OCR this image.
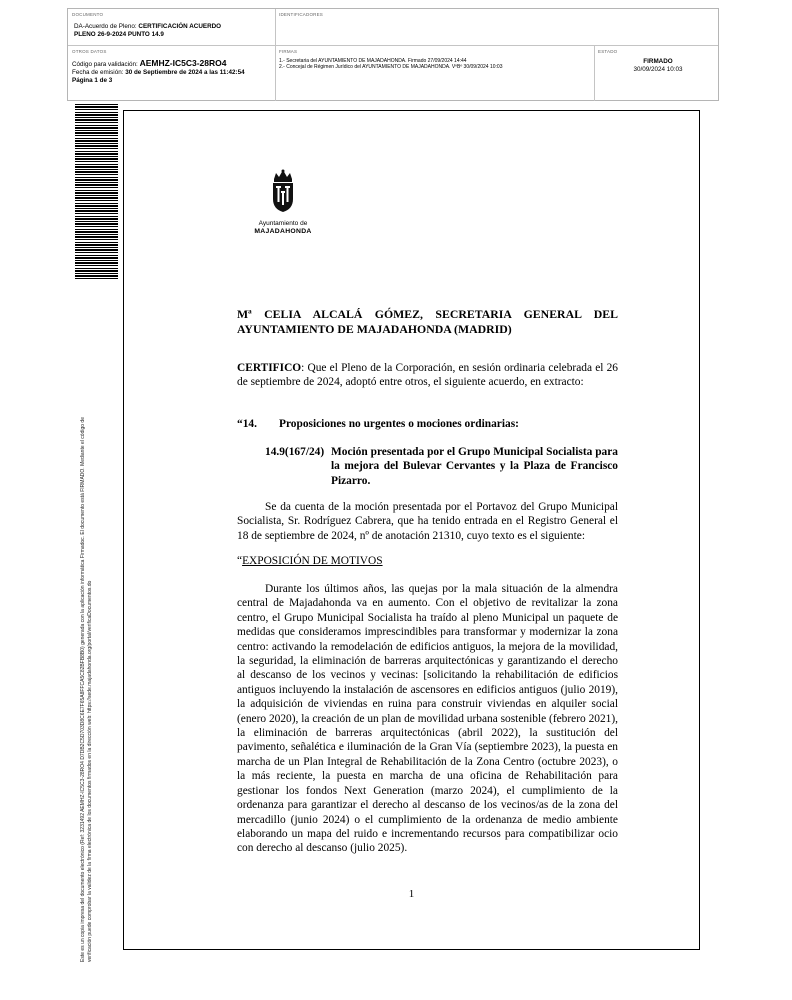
DOCUMENTO
DA-Acuerdo de Pleno: CERTIFICACIÓN ACUERDO
PLENO 26-9-2024 PUNTO 14.9
IDENTIFICADORES
OTROS DATOS
Código para validación: AEMHZ-IC5C3-28RO4
Fecha de emisión: 30 de Septiembre de 2024 a las 11:42:54
Página 1 de 3
FIRMAS
1.- Secretaria del AYUNTAMIENTO DE MAJADAHONDA. Firmado 27/09/2024 14:44
2.- Concejal de Régimen Jurídico del AYUNTAMIENTO DE MAJADAHONDA. VºBº 30/09/2024 10:03
ESTADO
FIRMADO
30/09/2024 10:03
Este es un copia impresa del documento electrónico (Ref: 3231492 AEMHZ-IC5C3-28RO4 D7DB2C5D703D8C6E7F65A8FFCA5C82BFB8B0) generada con la aplicación informática Firmadoc. El documento está FIRMADO. Mediante el código de verificación puede comprobar la validez de la firma electrónica de los documentos firmados en la dirección web: https://sede.majadahonda.org/portal/verificaDocumentos.do
Ayuntamiento de
MAJADAHONDA
Mª CELIA ALCALÁ GÓMEZ, SECRETARIA GENERAL DEL
AYUNTAMIENTO DE MAJADAHONDA (MADRID)
CERTIFICO: Que el Pleno de la Corporación, en sesión ordinaria celebrada el 26 de septiembre de 2024, adoptó entre otros, el siguiente acuerdo, en extracto:
“14. Proposiciones no urgentes o mociones ordinarias:
14.9(167/24) Moción presentada por el Grupo Municipal Socialista para
la mejora del Bulevar Cervantes y la Plaza de Francisco
Pizarro.
Se da cuenta de la moción presentada por el Portavoz del Grupo Municipal Socialista, Sr. Rodríguez Cabrera, que ha tenido entrada en el Registro General el 18 de septiembre de 2024, nº de anotación 21310, cuyo texto es el siguiente:
“EXPOSICIÓN DE MOTIVOS
Durante los últimos años, las quejas por la mala situación de la almendra central de Majadahonda va en aumento. Con el objetivo de revitalizar la zona centro, el Grupo Municipal Socialista ha traído al pleno Municipal un paquete de medidas que consideramos imprescindibles para transformar y modernizar la zona centro: activando la remodelación de edificios antiguos, la mejora de la movilidad, la seguridad, la eliminación de barreras arquitectónicas y garantizando el derecho al descanso de los vecinos y vecinas: [solicitando la rehabilitación de edificios antiguos incluyendo la instalación de ascensores en edificios antiguos (julio 2019), la adquisición de viviendas en ruina para construir viviendas en alquiler social (enero 2020), la creación de un plan de movilidad urbana sostenible (febrero 2021), la eliminación de barreras arquitectónicas (abril 2022), la sustitución del pavimento, señalética e iluminación de la Gran Vía (septiembre 2023), la puesta en marcha de un Plan Integral de Rehabilitación de la Zona Centro (octubre 2023), o la más reciente, la puesta en marcha de una oficina de Rehabilitación para gestionar los fondos Next Generation (marzo 2024), el cumplimiento de la ordenanza para garantizar el derecho al descanso de los vecinos/as de la zona del mercadillo (junio 2024) o el cumplimiento de la ordenanza de medio ambiente elaborando un mapa del ruido e incrementando recursos para compatibilizar ocio con derecho al descanso (julio 2025).
1
